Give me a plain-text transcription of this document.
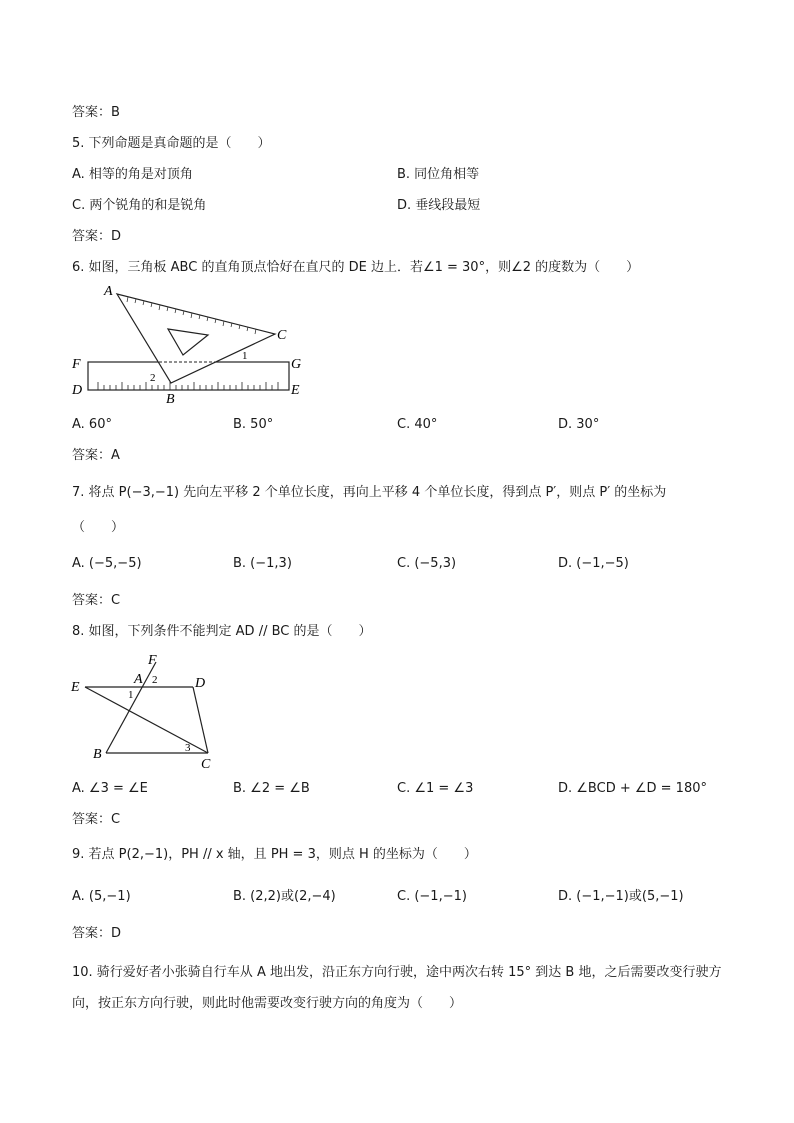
答案：B
5. 下列命题是真命题的是（　　）
A. 相等的角是对顶角	B. 同位角相等
C. 两个锐角的和是锐角	D. 垂线段最短
答案：D
6. 如图，三角板 ABC 的直角顶点恰好在直尺的 DE 边上．若∠1 = 30°，则∠2 的度数为（　　）
A
C
F	G
D	E
B
1
2
A. 60°	B. 50°	C. 40°	D. 30°
答案：A
7. 将点 P(−3,−1) 先向左平移 2 个单位长度，再向上平移 4 个单位长度，得到点 P′，则点 P′ 的坐标为
（　　）
A. (−5,−5)	B. (−1,3)	C. (−5,3)	D. (−1,−5)
答案：C
8. 如图，下列条件不能判定 AD // BC 的是（　　）
F
A 2	D
E	1
B	3
C
A. ∠3 = ∠E	B. ∠2 = ∠B	C. ∠1 = ∠3	D. ∠BCD + ∠D = 180°
答案：C
9. 若点 P(2,−1)，PH // x 轴，且 PH = 3，则点 H 的坐标为（　　）
A. (5,−1)	B. (2,2)或(2,−4)	C. (−1,−1)	D. (−1,−1)或(5,−1)
答案：D
10. 骑行爱好者小张骑自行车从 A 地出发，沿正东方向行驶，途中两次右转 15° 到达 B 地，之后需要改变行驶方向，按正东方向行驶，则此时他需要改变行驶方向的角度为（　　）
